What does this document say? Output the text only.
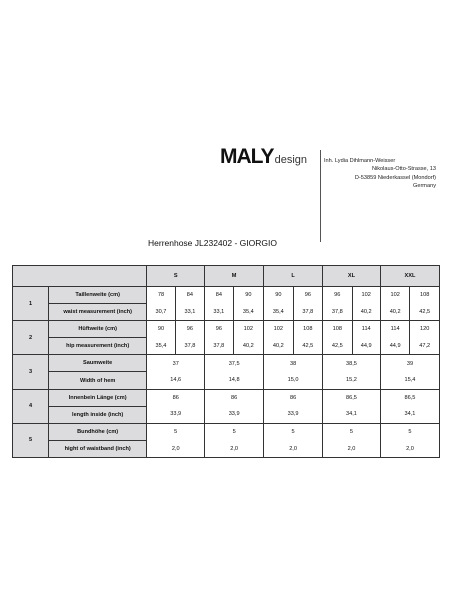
MALYdesign	Inh. Lydia Dihlmann-Weisser
Nikolaus-Otto-Strasse, 13
D-53859 Niederkassel (Mondorf)
Germany
Herrenhose JL232402 - GIORGIO
		S		M		L		XL		XXL	
1	Taillenweite (cm)	78	84	84	90	90	96	96	102	102	108
	waist measurement (inch)	30,7	33,1	33,1	35,4	35,4	37,8	37,8	40,2	40,2	42,5
2	Hüftweite (cm)	90	96	96	102	102	108	108	114	114	120
	hip measurement (inch)	35,4	37,8	37,8	40,2	40,2	42,5	42,5	44,9	44,9	47,2
3	Saumweite	37		37,5		38		38,5		39	
	Width of hem	14,6		14,8		15,0		15,2		15,4	
4	Innenbein Länge (cm)	86		86		86		86,5		86,5	
	length inside (inch)	33,9		33,9		33,9		34,1		34,1	
5	Bundhöhe (cm)	5		5		5		5		5	
	hight of waistband (inch)	2,0		2,0		2,0		2,0		2,0	
